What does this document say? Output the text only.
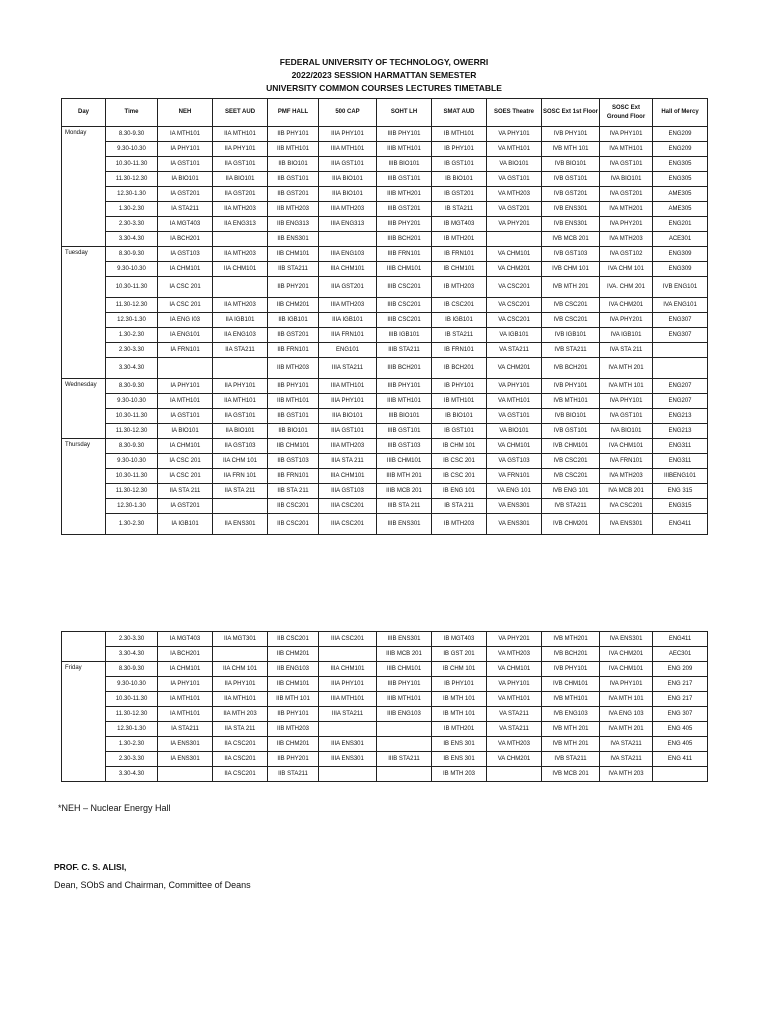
FEDERAL UNIVERSITY OF TECHNOLOGY, OWERRI
2022/2023 SESSION HARMATTAN SEMESTER
UNIVERSITY COMMON COURSES LECTURES TIMETABLE
Day	Time	NEH	SEET AUD	PMF HALL	500 CAP	SOHT LH	SMAT AUD	SOES Theatre	SOSC Ext 1st Floor	SOSC Ext Ground Floor	Hall of Mercy
Monday	8.30-9.30	IA MTH101	IIA MTH101	IIB PHY101	IIIA PHY101	IIIB PHY101	IB MTH101	VA PHY101	IVB PHY101	IVA PHY101	ENG209
	9.30-10.30	IA PHY101	IIA PHY101	IIB MTH101	IIIA MTH101	IIIB MTH101	IB PHY101	VA MTH101	IVB MTH 101	IVA MTH101	ENG209
	10.30-11.30	IA GST101	IIA GST101	IIB BIO101	IIIA GST101	IIIB BIO101	IB GST101	VA BIO101	IVB BIO101	IVA GST101	ENG305
	11.30-12.30	IA BIO101	IIA BIO101	IIB GST101	IIIA BIO101	IIIB GST101	IB BIO101	VA GST101	IVB GST101	IVA BIO101	ENG305
	12.30-1.30	IA GST201	IIA GST201	IIB GST201	IIIA BIO101	IIIB MTH201	IB GST201	VA MTH203	IVB GST201	IVA GST201	AME305
	1.30-2.30	IA STA211	IIA MTH203	IIB MTH203	IIIA MTH203	IIIB GST201	IB STA211	VA GST201	IVB ENS301	IVA MTH201	AME305
	2.30-3.30	IA MGT403	IIA ENG313	IIB ENG313	IIIA ENG313	IIIB PHY201	IB MGT403	VA PHY201	IVB ENS301	IVA PHY201	ENG201
	3.30-4.30	IA BCH201		IIB ENS301		IIIB BCH201	IB MTH201		IVB MCB 201	IVA MTH203	ACE301
Tuesday	8.30-9.30	IA GST103	IIA MTH203	IIB CHM101	IIIA ENG103	IIIB FRN101	IB FRN101	VA CHM101	IVB GST103	IVA GST102	ENG309
	9.30-10.30	IA CHM101	IIA CHM101	IIB STA211	IIIA CHM101	IIIB CHM101	IB CHM101	VA CHM201	IVB CHM 101	IVA CHM 101	ENG309
	10.30-11.30	IA CSC 201		IIB PHY201	IIIA GST201	IIIB CSC201	IB MTH203	VA CSC201	IVB MTH 201	IVA. CHM 201	IVB ENG101
	11.30-12.30	IA CSC 201	IIA MTH203	IIB CHM201	IIIA MTH203	IIIB CSC201	IB CSC201	VA CSC201	IVB CSC201	IVA CHM201	IVA ENG101
	12.30-1.30	IA ENG I03	IIA IGB101	IIB IGB101	IIIA IGB101	IIIB CSC201	IB IGB101	VA CSC201	IVB CSC201	IVA PHY201	ENG307
	1.30-2.30	IA ENG101	IIA ENG103	IIB GST201	IIIA FRN101	IIIB IGB101	IB STA211	VA IGB101	IVB IGB101	IVA IGB101	ENG307
	2.30-3.30	IA FRN101	IIA STA211	IIB FRN101	ENG101	IIIB STA211	IB FRN101	VA STA211	IVB STA211	IVA STA 211	
	3.30-4.30			IIB MTH203	IIIA STA211	IIIB BCH201	IB BCH201	VA CHM201	IVB BCH201	IVA MTH 201	
Wednesday	8.30-9.30	IA PHY101	IIA PHY101	IIB PHY101	IIIA MTH101	IIIB PHY101	IB PHY101	VA PHY101	IVB PHY101	IVA MTH 101	ENG207
	9.30-10.30	IA MTH101	IIA MTH101	IIB MTH101	IIIA PHY101	IIIB MTH101	IB MTH101	VA MTH101	IVB MTH101	IVA PHY101	ENG207
	10.30-11.30	IA GST101	IIA GST101	IIB GST101	IIIA BIO101	IIIB BIO101	IB BIO101	VA GST101	IVB BIO101	IVA GST101	ENG213
	11.30-12.30	IA BIO101	IIA BIO101	IIB BIO101	IIIA GST101	IIIB GST101	IB GST101	VA BIO101	IVB GST101	IVA BIO101	ENG213
Thursday	8.30-9.30	IA CHM101	IIA GST103	IIB CHM101	IIIA MTH203	IIIB GST103	IB CHM 101	VA CHM101	IVB CHM101	IVA CHM101	ENG311
	9.30-10.30	IA CSC 201	IIA CHM 101	IIB GST103	IIIA STA 211	IIIB CHM101	IB CSC 201	VA GST103	IVB CSC201	IVA FRN101	ENG311
	10.30-11.30	IA CSC 201	IIA FRN 101	IIB FRN101	IIIA CHM101	IIIB MTH 201	IB CSC 201	VA FRN101	IVB CSC201	IVA MTH203	IIIBENG101
	11.30-12.30	IIA STA 211	IIA STA 211	IIB STA 211	IIIA GST103	IIIB MCB 201	IB ENG 101	VA ENG 101	IVB ENG 101	IVA MCB 201	ENG 315
	12.30-1.30	IA GST201		IIB CSC201	IIIA CSC201	IIIB STA 211	IB STA 211	VA ENS301	IVB STA211	IVA CSC201	ENG315
	1.30-2.30	IA IGB101	IIA ENS301	IIB CSC201	IIIA CSC201	IIIB ENS301	IB MTH203	VA ENS301	IVB CHM201	IVA ENS301	ENG411
	2.30-3.30	IA MGT403	IIA MGT301	IIB CSC201	IIIA CSC201	IIIB ENS301	IB MGT403	VA PHY201	IVB MTH201	IVA ENS301	ENG411
	3.30-4.30	IA BCH201		IIB CHM201		IIIB MCB 201	IB GST 201	VA MTH203	IVB BCH201	IVA CHM201	AEC301
Friday	8.30-9.30	IA CHM101	IIA CHM 101	IIB ENG103	IIIA CHM101	IIIB CHM101	IB CHM 101	VA CHM101	IVB PHY101	IVA CHM101	ENG 209
	9.30-10.30	IA PHY101	IIA PHY101	IIB CHM101	IIIA PHY101	IIIB PHY101	IB PHY101	VA PHY101	IVB CHM101	IVA PHY101	ENG 217
	10.30-11.30	IA MTH101	IIA MTH101	IIB MTH 101	IIIA MTH101	IIIB MTH101	IB MTH 101	VA MTH101	IVB MTH101	IVA MTH 101	ENG 217
	11.30-12.30	IA MTH101	IIA MTH 203	IIB PHY101	IIIA STA211	IIIB ENG103	IB MTH 101	VA STA211	IVB ENG103	IVA ENG 103	ENG 307
	12.30-1.30	IA STA211	IIA STA 211	IIB MTH203			IB MTH201	VA STA211	IVB MTH 201	IVA MTH 201	ENG 405
	1.30-2.30	IA ENS301	IIA CSC201	IIB CHM201	IIIA ENS301		IB ENS 301	VA MTH203	IVB MTH 201	IVA STA211	ENG 405
	2.30-3.30	IA ENS301	IIA CSC201	IIB PHY201	IIIA ENS301	IIIB STA211	IB ENS 301	VA CHM201	IVB STA211	IVA STA211	ENG 411
	3.30-4.30		IIA CSC201	IIB STA211			IB MTH 203		IVB MCB 201	IVA MTH 203	
*NEH – Nuclear Energy Hall
PROF. C. S. ALISI,
Dean, SObS and Chairman, Committee of Deans
